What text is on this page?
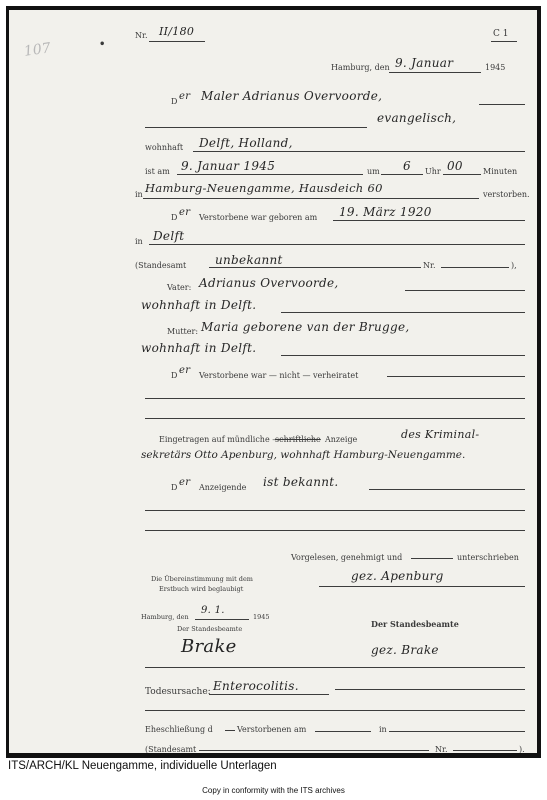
107	•
Nr. II/180	C 1
Hamburg, den 9. Januar	1945
D er Maler Adrianus Overvoorde,
evangelisch,
wohnhaft Delft, Holland,
ist am 9. Januar 1945	um 6 Uhr 00	Minuten
in Hamburg-Neuengamme, Hausdeich 60	verstorben.
D er Verstorbene war geboren am 19. März 1920
in Delft
(Standesamt unbekannt	Nr.	),
Vater: Adrianus Overvoorde,
wohnhaft in Delft.
Mutter: Maria geborene van der Brugge,
wohnhaft in Delft.
D er Verstorbene war — nicht — verheiratet
Eingetragen auf mündliche —
schriftliche Anzeige	des Kriminal-
sekretärs Otto Apenburg, wohnhaft Hamburg-Neuengamme.
D er Anzeigende ist bekannt.
Vorgelesen, genehmigt und	unterschrieben
gez. Apenburg
Die Übereinstimmung mit dem
Erstbuch wird beglaubigt
Hamburg, den
9. 1.
1945
Der Standesbeamte	Der Standesbeamte
Brake	gez. Brake
Todesursache: Enterocolitis.
Eheschließung d	Verstorbenen am	in
(Standesamt	Nr.	).
ITS/ARCH/KL Neuengamme, individuelle Unterlagen
Copy in conformity with the ITS archives
